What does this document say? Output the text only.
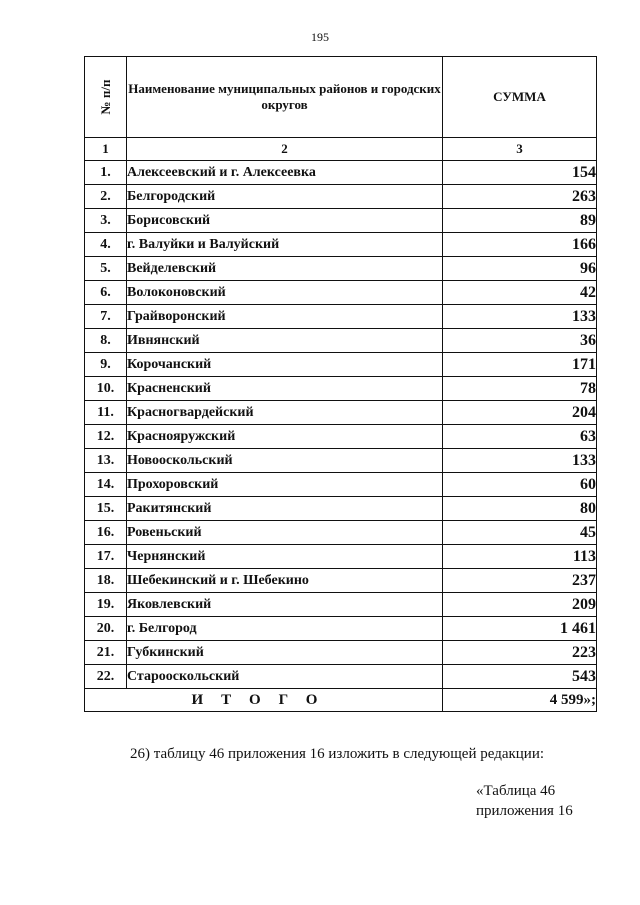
195
№ п/п	Наименование муниципальных районов и городских округов	СУММА
1	2	3
1.	Алексеевский и г. Алексеевка	154
2.	Белгородский	263
3.	Борисовский	89
4.	г. Валуйки и Валуйский	166
5.	Вейделевский	96
6.	Волоконовский	42
7.	Грайворонский	133
8.	Ивнянский	36
9.	Корочанский	171
10.	Красненский	78
11.	Красногвардейский	204
12.	Краснояружский	63
13.	Новооскольский	133
14.	Прохоровский	60
15.	Ракитянский	80
16.	Ровеньский	45
17.	Чернянский	113
18.	Шебекинский и г. Шебекино	237
19.	Яковлевский	209
20.	г. Белгород	1 461
21.	Губкинский	223
22.	Старооскольский	543
ИТОГО		4 599»;
26) таблицу 46 приложения 16 изложить в следующей редакции:
«Таблица 46
приложения 16
